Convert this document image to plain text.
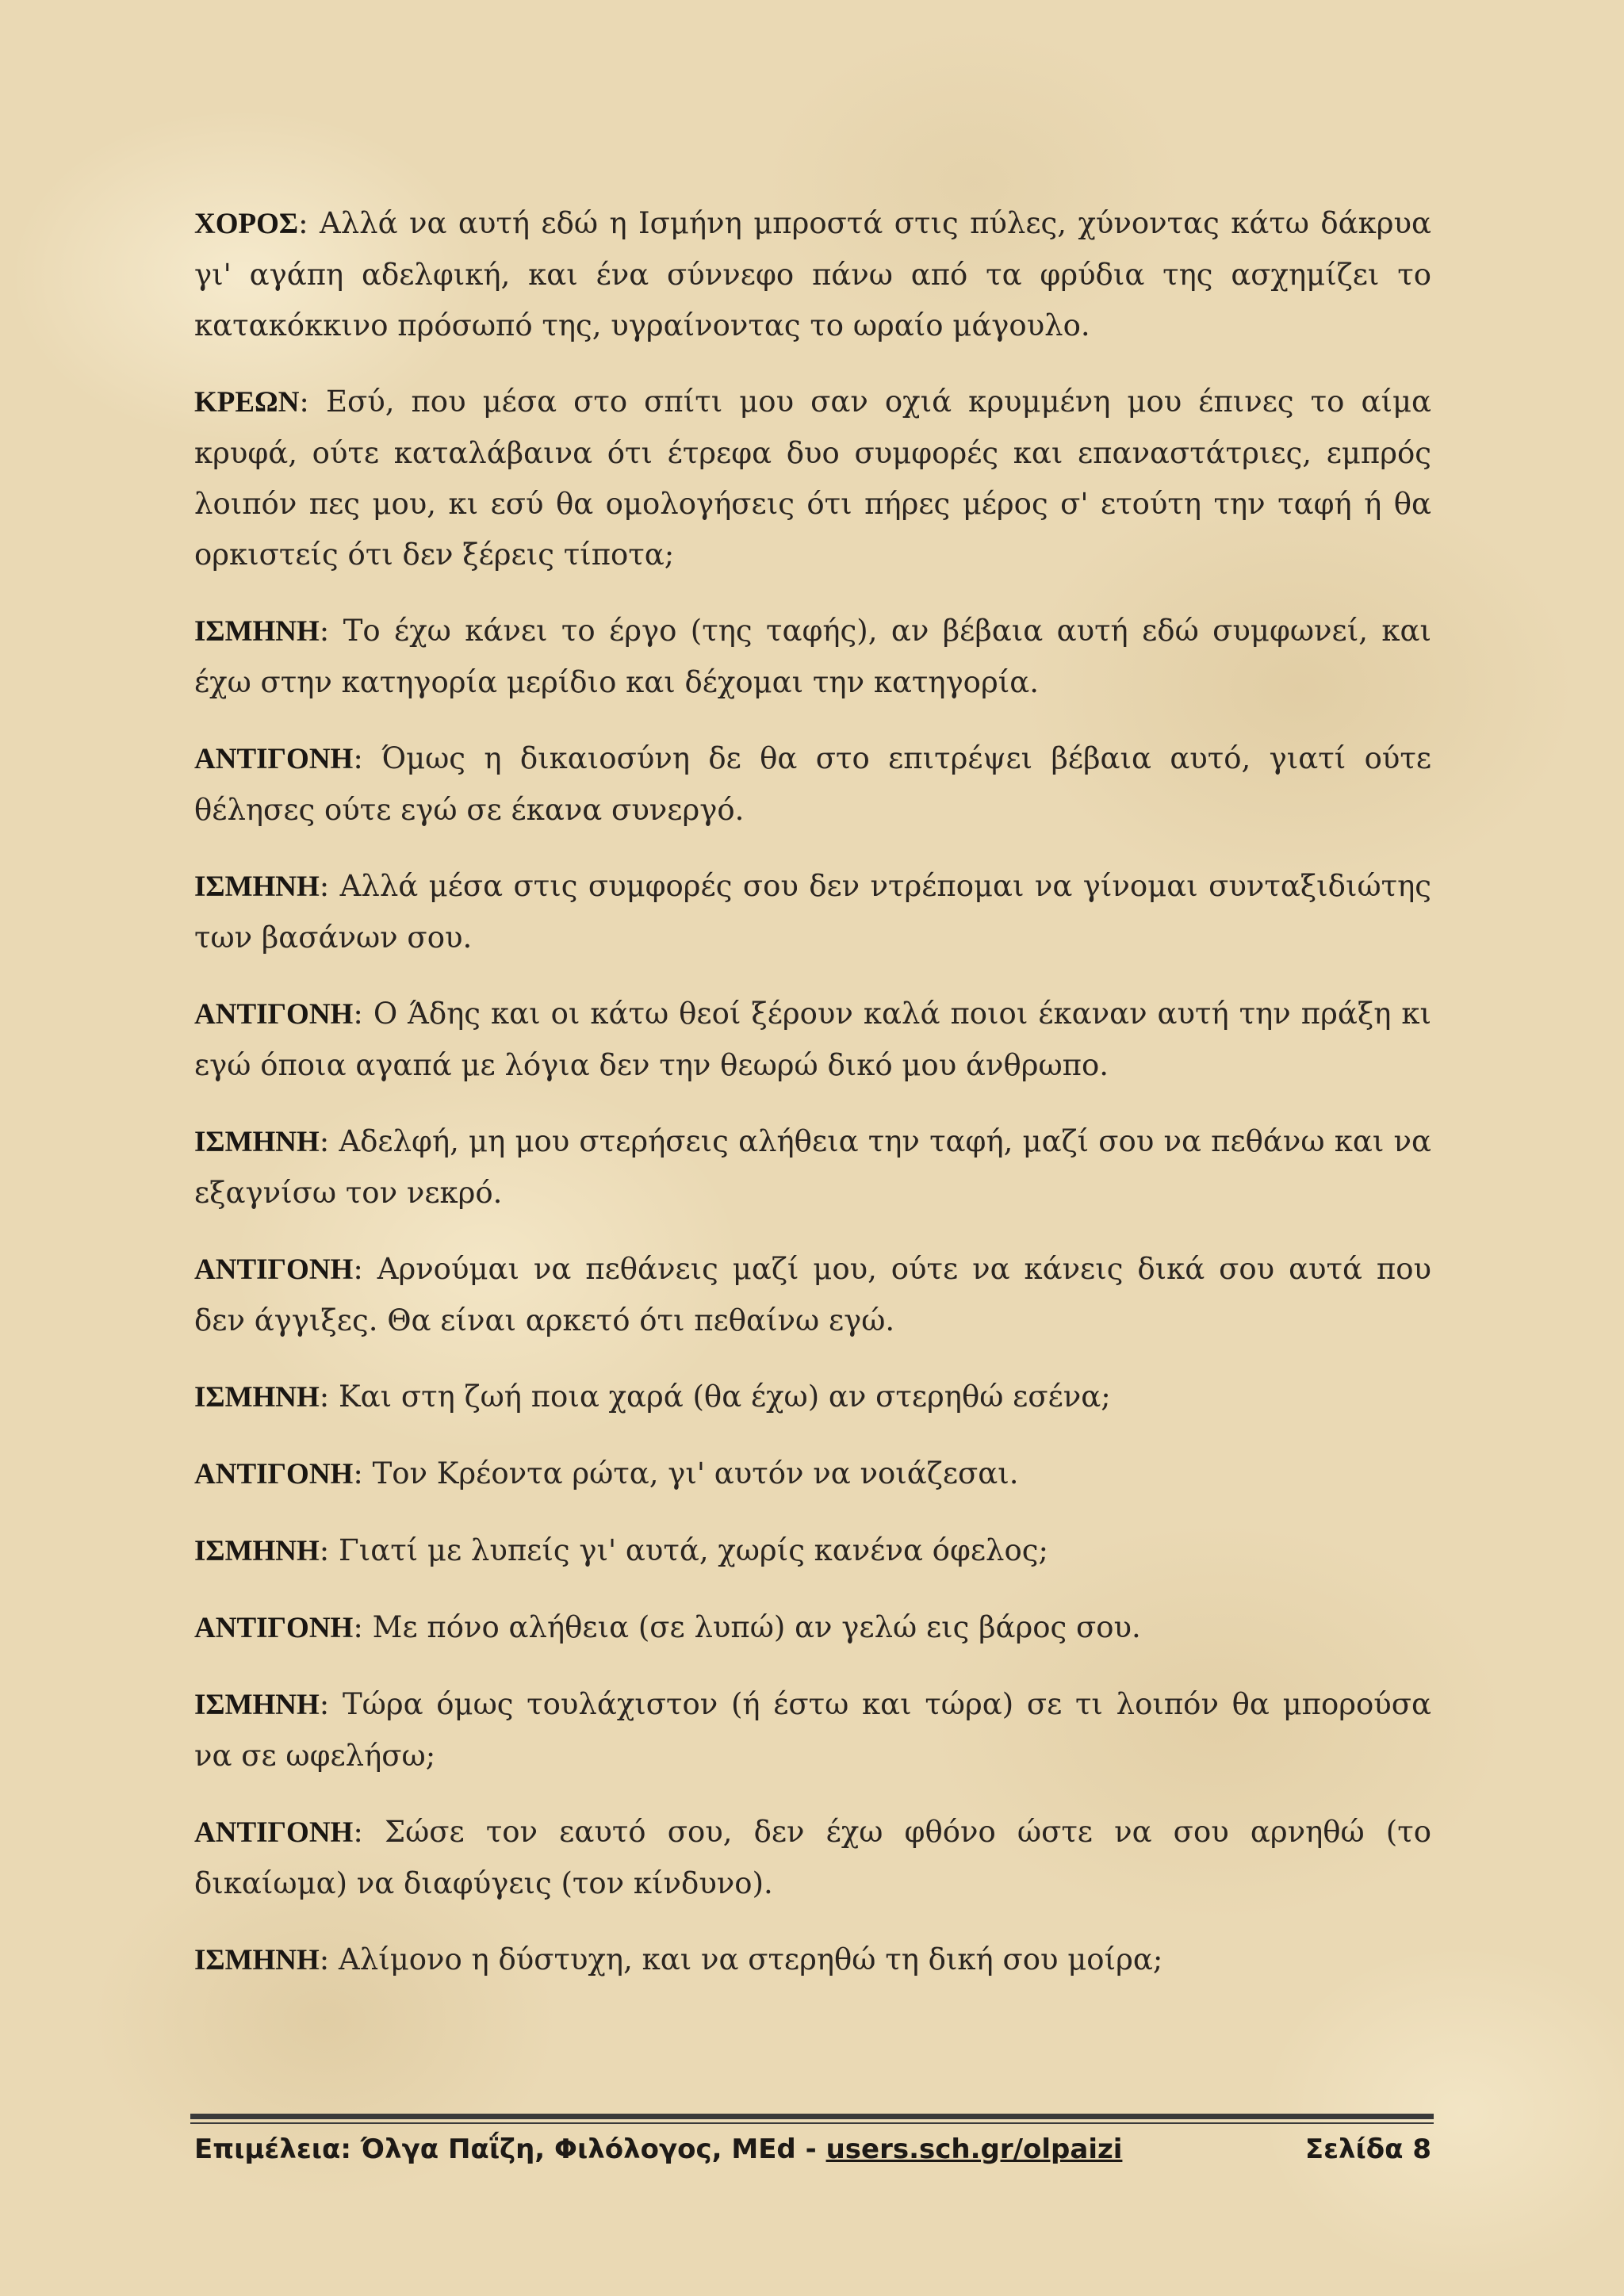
ΧΟΡΟΣ: Αλλά να αυτή εδώ η Ισμήνη μπροστά στις πύλες, χύνοντας κάτω δάκρυα γι' αγάπη αδελφική, και ένα σύννεφο πάνω από τα φρύδια της ασχημίζει το κατακόκκινο πρόσωπό της, υγραίνοντας το ωραίο μάγουλο.

ΚΡΕΩΝ: Εσύ, που μέσα στο σπίτι μου σαν οχιά κρυμμένη μου έπινες το αίμα κρυφά, ούτε καταλάβαινα ότι έτρεφα δυο συμφορές και επαναστάτριες, εμπρός λοιπόν πες μου, κι εσύ θα ομολογήσεις ότι πήρες μέρος σ' ετούτη την ταφή ή θα ορκιστείς ότι δεν ξέρεις τίποτα;

ΙΣΜΗΝΗ: Το έχω κάνει το έργο (της ταφής), αν βέβαια αυτή εδώ συμφωνεί, και έχω στην κατηγορία μερίδιο και δέχομαι την κατηγορία.

ΑΝΤΙΓΟΝΗ: Όμως η δικαιοσύνη δε θα στο επιτρέψει βέβαια αυτό, γιατί ούτε θέλησες ούτε εγώ σε έκανα συνεργό.

ΙΣΜΗΝΗ: Αλλά μέσα στις συμφορές σου δεν ντρέπομαι να γίνομαι συνταξιδιώτης των βασάνων σου.

ΑΝΤΙΓΟΝΗ: Ο Άδης και οι κάτω θεοί ξέρουν καλά ποιοι έκαναν αυτή την πράξη κι εγώ όποια αγαπά με λόγια δεν την θεωρώ δικό μου άνθρωπο.

ΙΣΜΗΝΗ: Αδελφή, μη μου στερήσεις αλήθεια την ταφή, μαζί σου να πεθάνω και να εξαγνίσω τον νεκρό.

ΑΝΤΙΓΟΝΗ: Αρνούμαι να πεθάνεις μαζί μου, ούτε να κάνεις δικά σου αυτά που δεν άγγιξες. Θα είναι αρκετό ότι πεθαίνω εγώ.

ΙΣΜΗΝΗ: Και στη ζωή ποια χαρά (θα έχω) αν στερηθώ εσένα;

ΑΝΤΙΓΟΝΗ: Τον Κρέοντα ρώτα, γι' αυτόν να νοιάζεσαι.

ΙΣΜΗΝΗ: Γιατί με λυπείς γι' αυτά, χωρίς κανένα όφελος;

ΑΝΤΙΓΟΝΗ: Με πόνο αλήθεια (σε λυπώ) αν γελώ εις βάρος σου.

ΙΣΜΗΝΗ: Τώρα όμως τουλάχιστον (ή έστω και τώρα) σε τι λοιπόν θα μπορούσα να σε ωφελήσω;

ΑΝΤΙΓΟΝΗ: Σώσε τον εαυτό σου, δεν έχω φθόνο ώστε να σου αρνηθώ (το δικαίωμα) να διαφύγεις (τον κίνδυνο).

ΙΣΜΗΝΗ: Αλίμονο η δύστυχη, και να στερηθώ τη δική σου μοίρα;

Επιμέλεια: Όλγα Παΐζη, Φιλόλογος, MEd - users.sch.gr/olpaizi	Σελίδα 8
